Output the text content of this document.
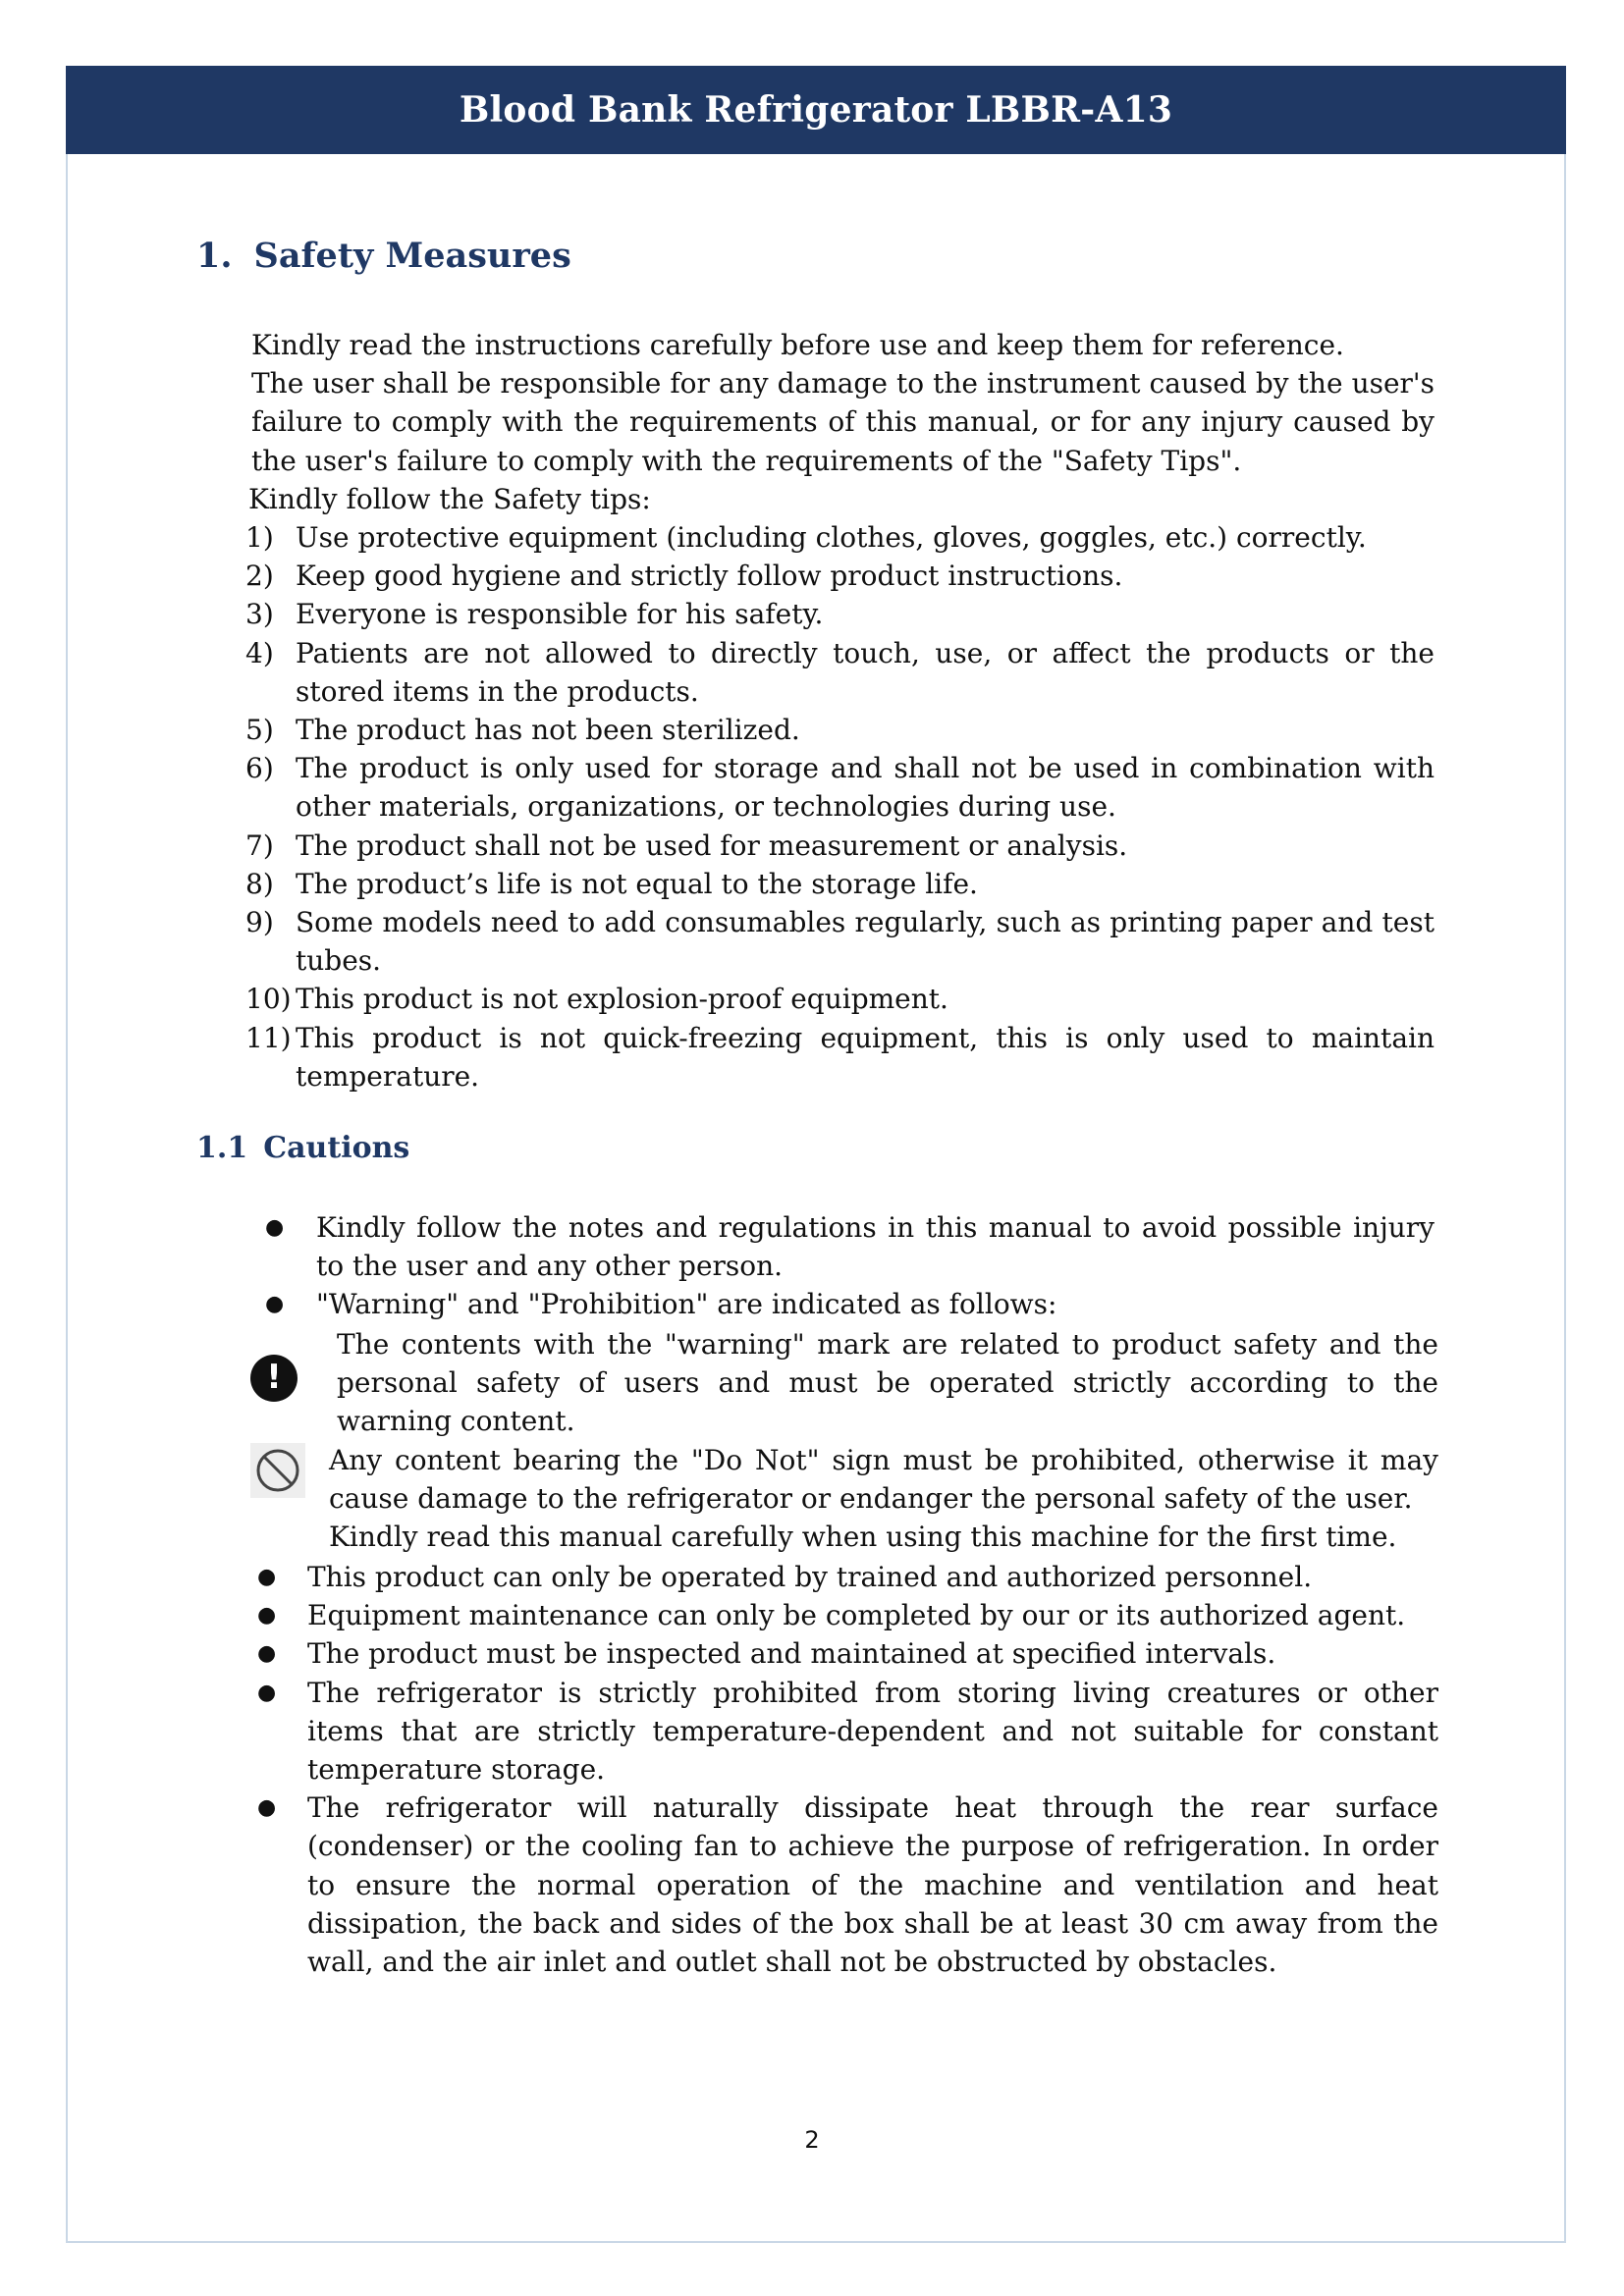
Blood Bank Refrigerator LBBR-A13
1. Safety Measures

Kindly read the instructions carefully before use and keep them for reference.

The user shall be responsible for any damage to the instrument caused by the user's failure to comply with the requirements of this manual, or for any injury caused by the user's failure to comply with the requirements of the "Safety Tips".

Kindly follow the Safety tips:

1) Use protective equipment (including clothes, gloves, goggles, etc.) correctly.
2) Keep good hygiene and strictly follow product instructions.
3) Everyone is responsible for his safety.
4) Patients are not allowed to directly touch, use, or affect the products or the stored items in the products.
5) The product has not been sterilized.
6) The product is only used for storage and shall not be used in combination with other materials, organizations, or technologies during use.
7) The product shall not be used for measurement or analysis.
8) The product’s life is not equal to the storage life.
9) Some models need to add consumables regularly, such as printing paper and test tubes.
10) This product is not explosion-proof equipment.
11) This product is not quick-freezing equipment, this is only used to maintain temperature.
1.1 Cautions
●	Kindly follow the notes and regulations in this manual to avoid possible injury to the user and any other person.
●	"Warning" and "Prohibition" are indicated as follows:
!
The contents with the "warning" mark are related to product safety and the personal safety of users and must be operated strictly according to the warning content.
Any content bearing the "Do Not" sign must be prohibited, otherwise it may cause damage to the refrigerator or endanger the personal safety of the user.
Kindly read this manual carefully when using this machine for the first time.
●	This product can only be operated by trained and authorized personnel.
●	Equipment maintenance can only be completed by our or its authorized agent.
●	The product must be inspected and maintained at specified intervals.
●	The refrigerator is strictly prohibited from storing living creatures or other items that are strictly temperature-dependent and not suitable for constant temperature storage.
●	The refrigerator will naturally dissipate heat through the rear surface (condenser) or the cooling fan to achieve the purpose of refrigeration. In order to ensure the normal operation of the machine and ventilation and heat dissipation, the back and sides of the box shall be at least 30 cm away from the wall, and the air inlet and outlet shall not be obstructed by obstacles.
2
